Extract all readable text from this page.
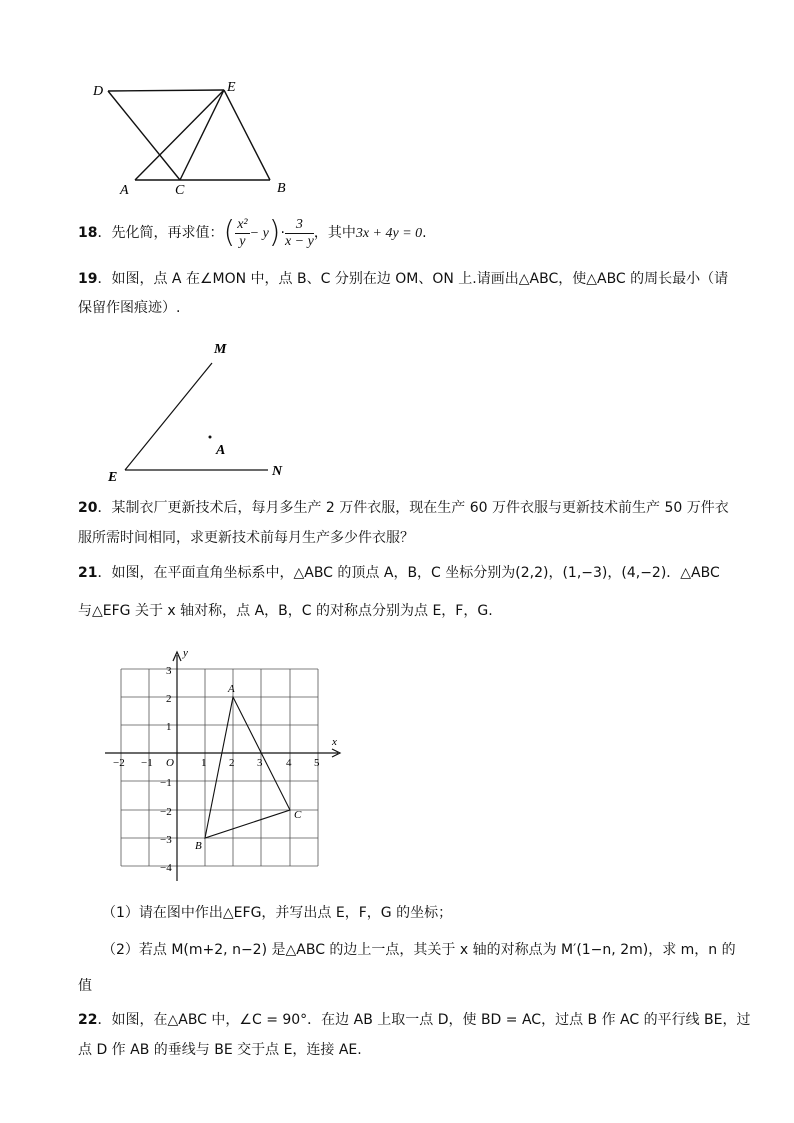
D	E
A	C	B
18．先化简，再求值：( $\frac{\text{x²}}{y} - y)\cdot \frac{3}{x - y}$ ，其中3x + 4y = 0.
19．如图，点 A 在∠MON 中，点 B、C 分别在边 OM、ON 上.请画出△ABC，使△ABC 的周长最小（请
保留作图痕迹）.
M
A
E	N
20．某制衣厂更新技术后，每月多生产 2 万件衣服，现在生产 60 万件衣服与更新技术前生产 50 万件衣
服所需时间相同，求更新技术前每月生产多少件衣服？
21．如图，在平面直角坐标系中，△ABC 的顶点 A，B，C 坐标分别为(2,2)，(1,−3)，(4,−2)．△ABC
与△EFG 关于 x 轴对称，点 A，B，C 的对称点分别为点 E，F，G.
x
y
O
−2 −1	1 2 3 4 5
3
2
1
−1
−2
−3
−4
A
B
C
（1）请在图中作出△EFG，并写出点 E，F，G 的坐标；
（2）若点 M(m+2, n−2) 是△ABC 的边上一点，其关于 x 轴的对称点为 M′(1−n, 2m)，求 m，n 的
值
22．如图，在△ABC 中，∠C = 90°．在边 AB 上取一点 D，使 BD = AC，过点 B 作 AC 的平行线 BE，过
点 D 作 AB 的垂线与 BE 交于点 E，连接 AE.
